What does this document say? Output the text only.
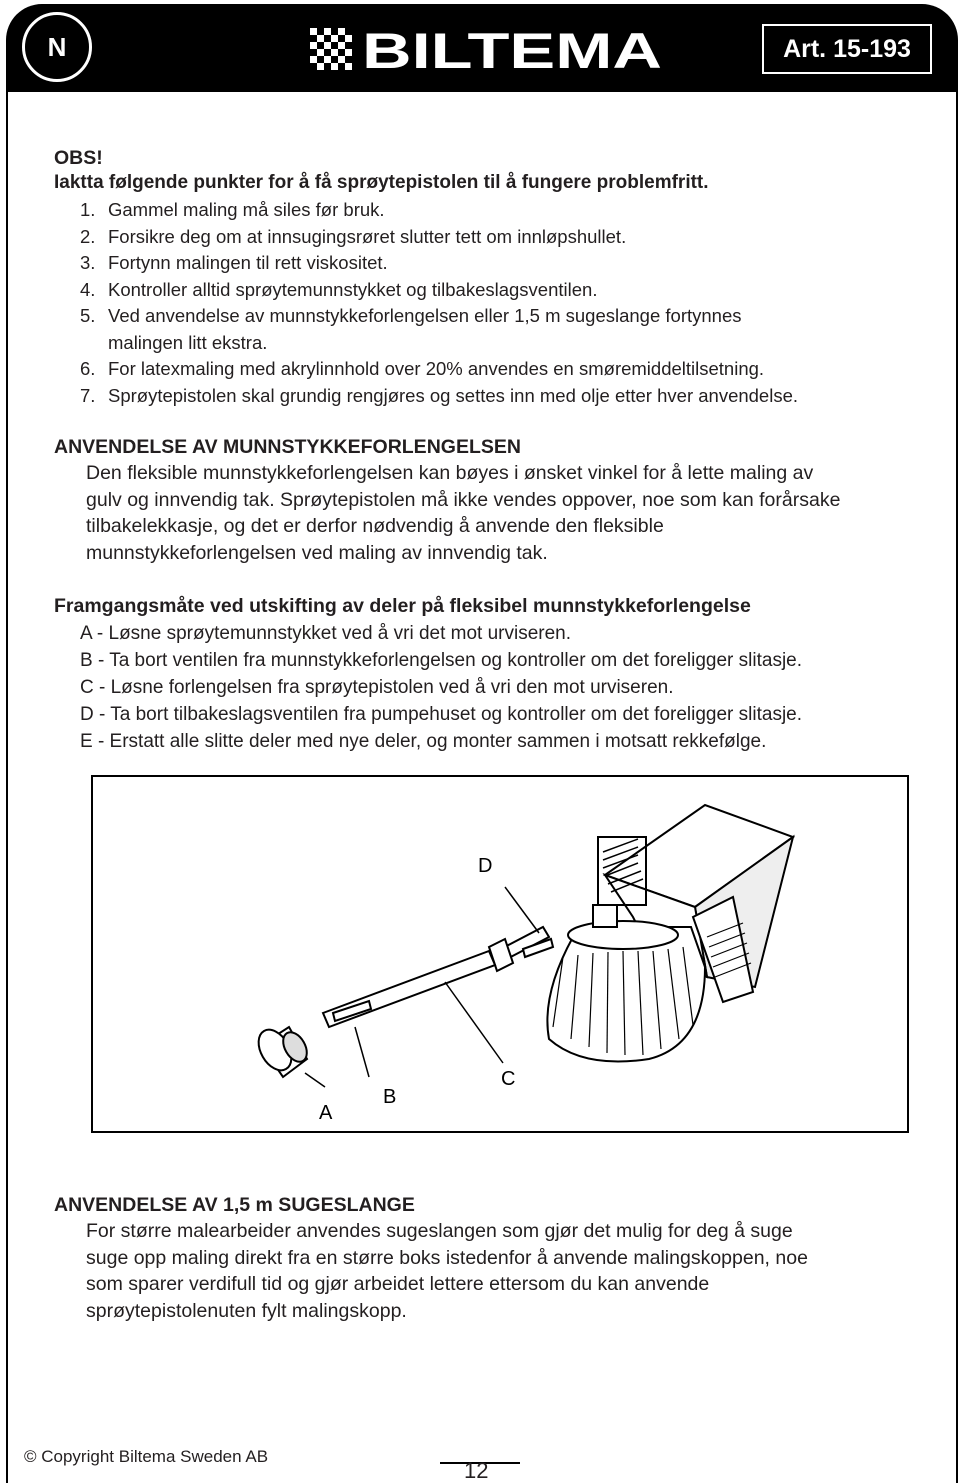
N	BILTEMA	Art. 15-193
OBS!
Iaktta følgende punkter for å få sprøytepistolen til å fungere problemfritt.
1. Gammel maling må siles før bruk.
2. Forsikre deg om at innsugingsrøret slutter tett om innløpshullet.
3. Fortynn malingen til rett viskositet.
4. Kontroller alltid sprøytemunnstykket og tilbakeslagsventilen.
5. Ved anvendelse av munnstykkeforlengelsen eller 1,5 m sugeslange fortynnes
malingen litt ekstra.
6. For latexmaling med akrylinnhold over 20% anvendes en smøremiddeltilsetning.
7. Sprøytepistolen skal grundig rengjøres og settes inn med olje etter hver anvendelse.
ANVENDELSE AV MUNNSTYKKEFORLENGELSEN
Den fleksible munnstykkeforlengelsen kan bøyes i ønsket vinkel for å lette maling av
gulv og innvendig tak. Sprøytepistolen må ikke vendes oppover, noe som kan forårsake
tilbakelekkasje, og det er derfor nødvendig å anvende den fleksible
munnstykkeforlengelsen ved maling av innvendig tak.
Framgangsmåte ved utskifting av deler på fleksibel munnstykkeforlengelse
A - Løsne sprøytemunnstykket ved å vri det mot urviseren.
B - Ta bort ventilen fra munnstykkeforlengelsen og kontroller om det foreligger slitasje.
C - Løsne forlengelsen fra sprøytepistolen ved å vri den mot urviseren.
D - Ta bort tilbakeslagsventilen fra pumpehuset og kontroller om det foreligger slitasje.
E - Erstatt alle slitte deler med nye deler, og monter sammen i motsatt rekkefølge.
D
A
B
C
ANVENDELSE AV 1,5 m SUGESLANGE
For større malearbeider anvendes sugeslangen som gjør det mulig for deg å suge
suge opp maling direkt fra en større boks istedenfor å anvende malingskoppen, noe
som sparer verdifull tid og gjør arbeidet lettere ettersom du kan anvende
sprøytepistolenuten fylt malingskopp.
© Copyright Biltema Sweden AB
12
